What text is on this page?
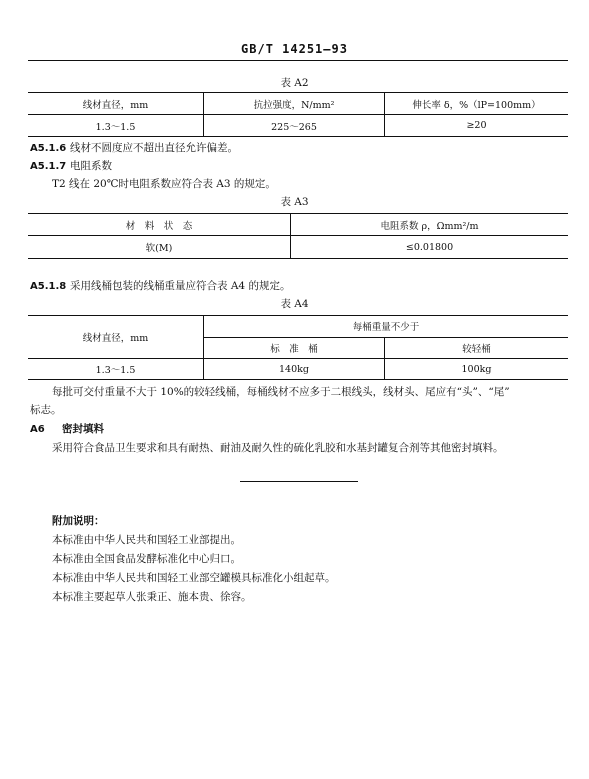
GB/T 14251—93
表 A2
线材直径，mm	抗拉强度，N/mm²	伸长率 δ，%（lP=100mm）
1.3～1.5	225～265	≥20
A5.1.6 线材不圆度应不超出直径允许偏差。
A5.1.7 电阻系数
T2 线在 20℃时电阻系数应符合表 A3 的规定。
表 A3
材　料　状　态	电阻系数 ρ，Ωmm²/m
软(M)	≤0.01800
A5.1.8 采用线桶包装的线桶重量应符合表 A4 的规定。
表 A4
线材直径，mm	每桶重量不少于	
	标　准　桶	较轻桶
1.3～1.5	140kg	100kg
每批可交付重量不大于 10%的较轻线桶，每桶线材不应多于二根线头，线材头、尾应有“头”、“尾”
标志。
A6 密封填料
采用符合食品卫生要求和具有耐热、耐油及耐久性的硫化乳胶和水基封罐复合剂等其他密封填料。
附加说明：
本标准由中华人民共和国轻工业部提出。
本标准由全国食品发酵标准化中心归口。
本标准由中华人民共和国轻工业部空罐模具标准化小组起草。
本标准主要起草人张秉正、施本贵、徐容。
